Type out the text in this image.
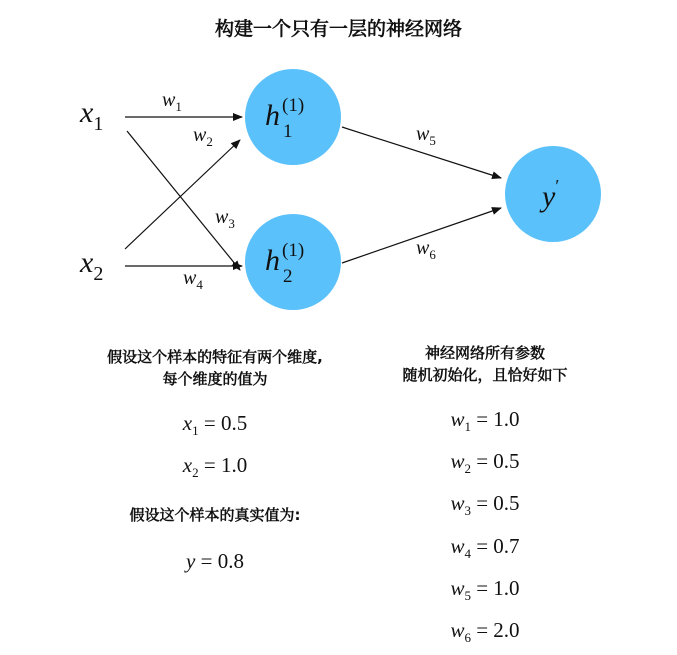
构建一个只有一层的神经网络
$x_1$
$x_2$
h $^{(1)}$ 1
h $^{(1)}$ 2
y′
$w_1$
$w_2$
$w_3$
$w_4$
$w_5$
$w_6$
假设这个样本的特征有两个维度,
每个维度的值为
$x_1 = 0.5$
$x_2 = 1.0$
假设这个样本的真实值为:
y = 0.8
神经网络所有参数
随机初始化，且恰好如下
$w_1 = 1.0$
$w_2 = 0.5$
$w_3 = 0.5$
$w_4 = 0.7$
$w_5 = 1.0$
$w_6 = 2.0$
